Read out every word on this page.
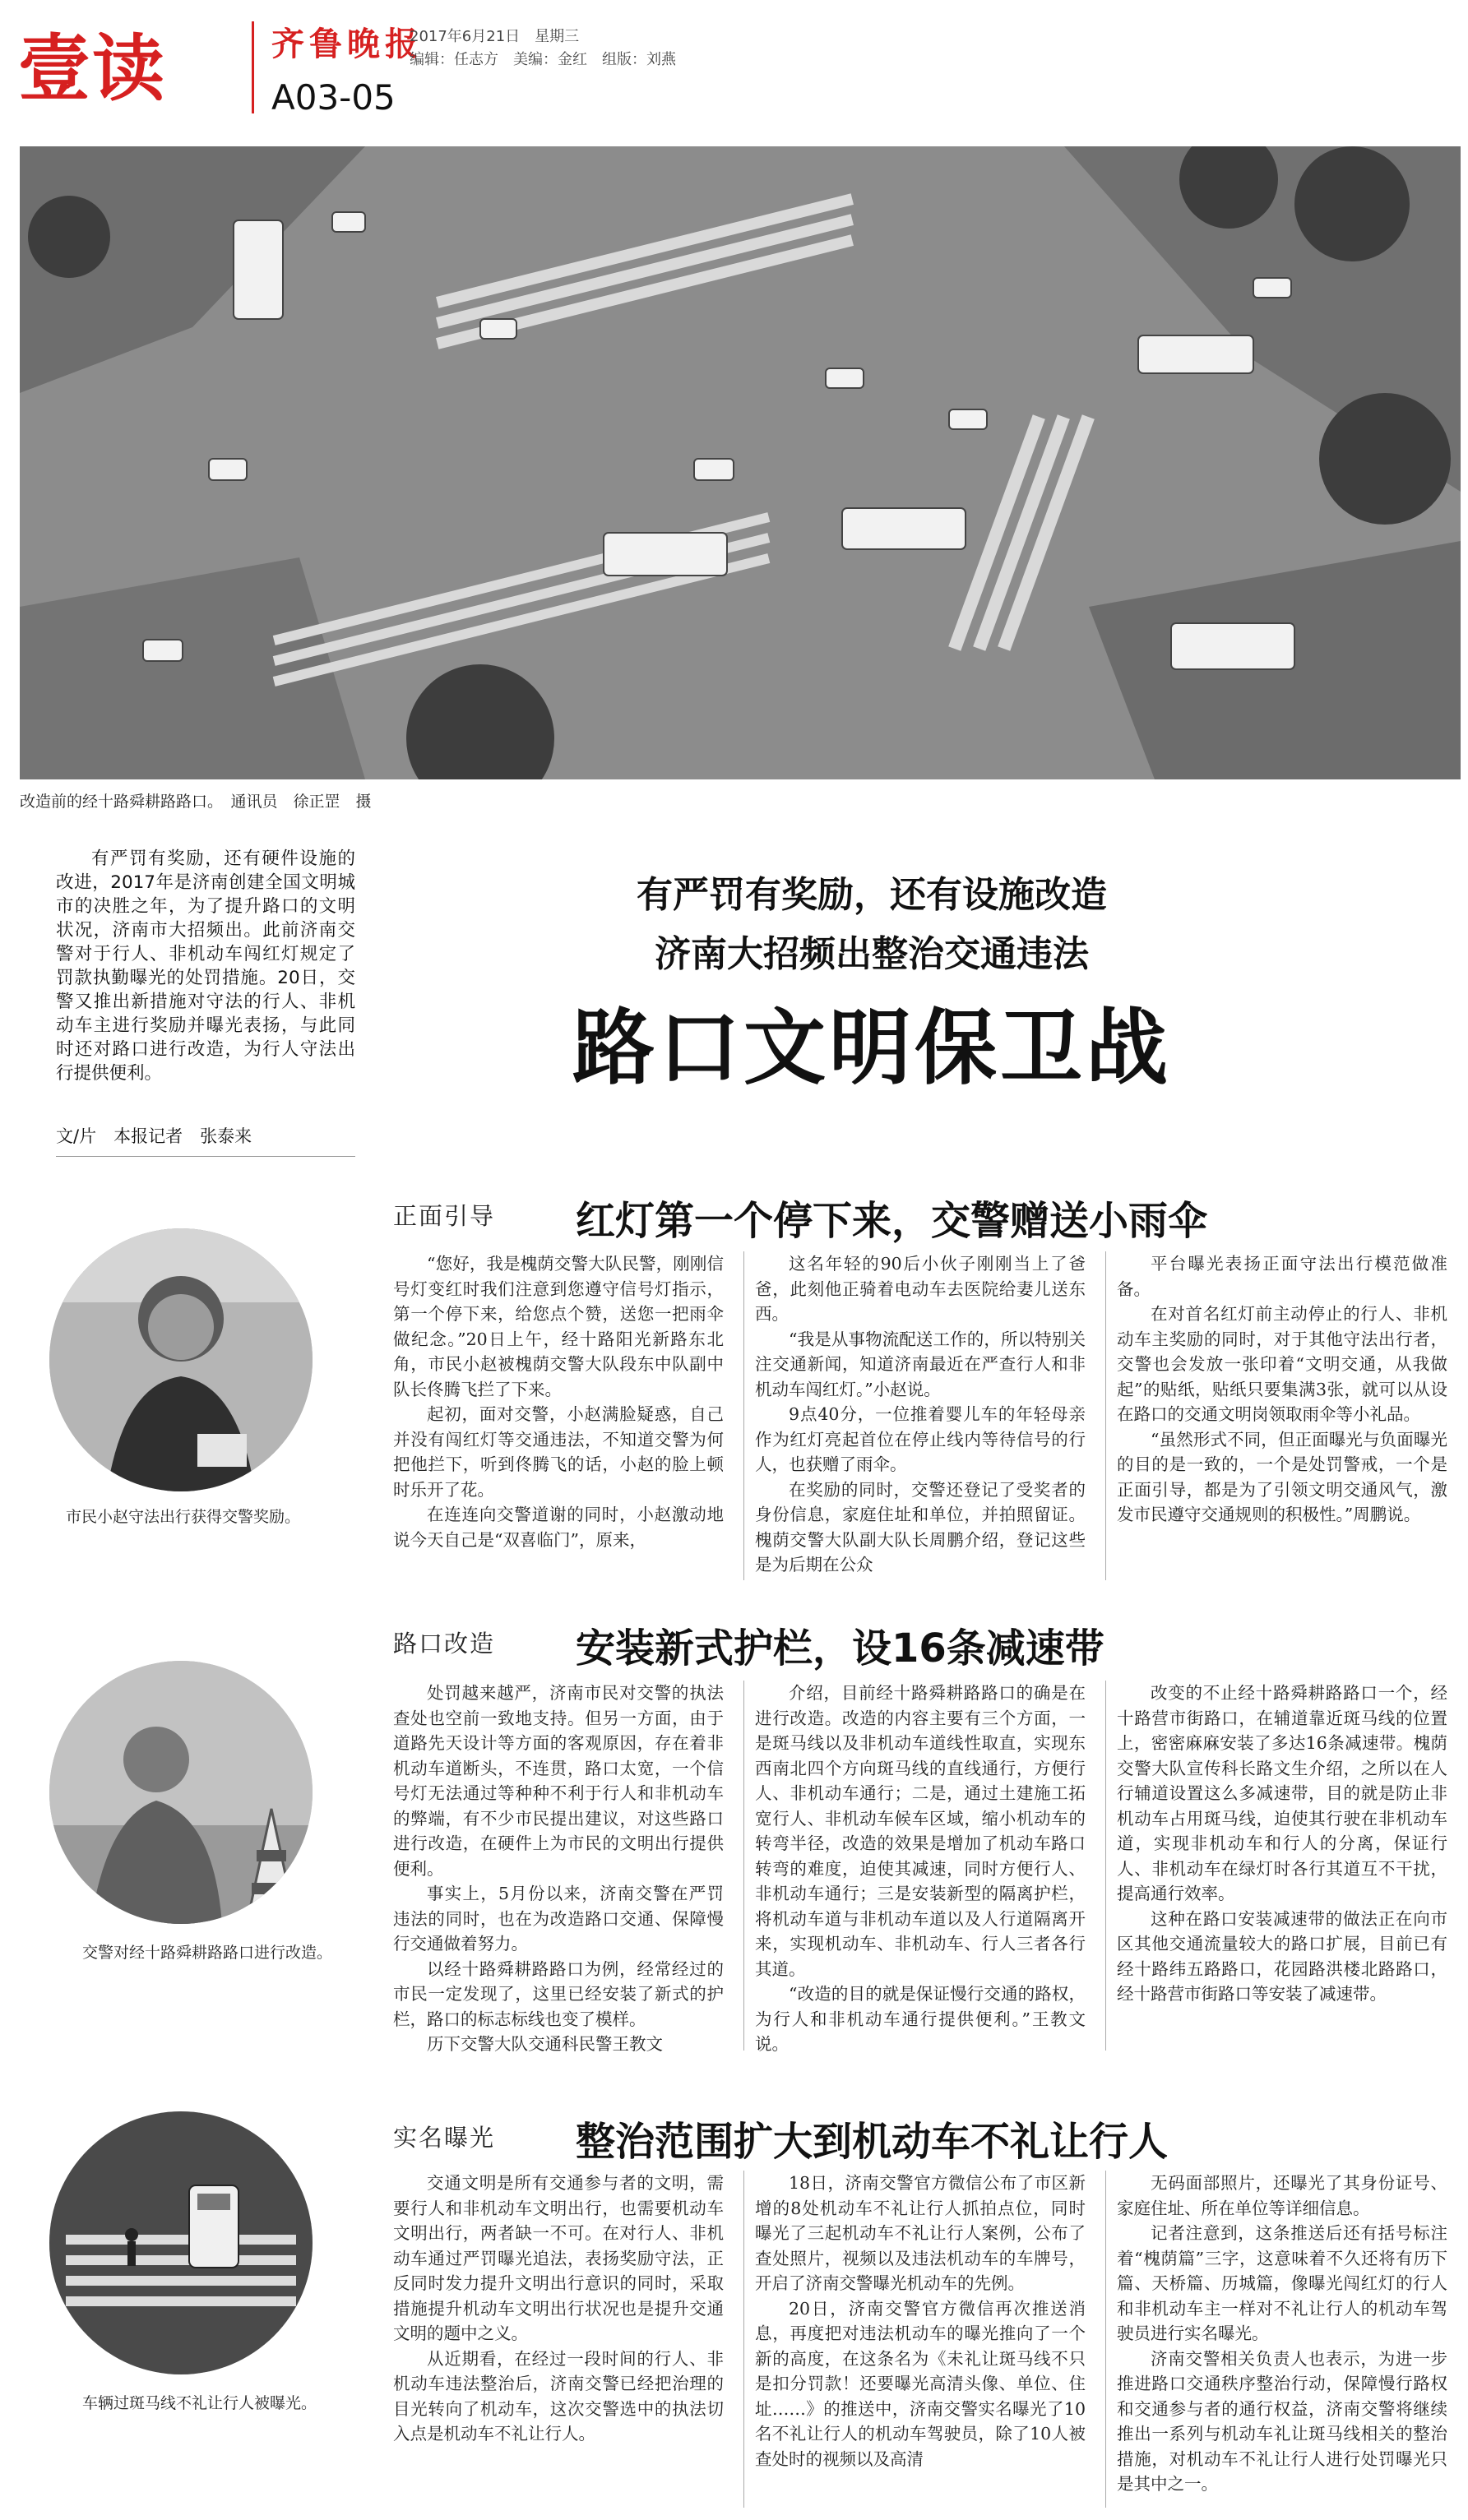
壹读	齐鲁晚报
A03-05
2017年6月21日　星期三
编辑：任志方　美编：金红　组版：刘燕
改造前的经十路舜耕路路口。　通讯员　徐正罡　摄
有严罚有奖励，还有硬件设施的改进，2017年是济南创建全国文明城市的决胜之年，为了提升路口的文明状况，济南市大招频出。此前济南交警对于行人、非机动车闯红灯规定了罚款执勤曝光的处罚措施。20日，交警又推出新措施对守法的行人、非机动车主进行奖励并曝光表扬，与此同时还对路口进行改造，为行人守法出行提供便利。
文/片　本报记者　张泰来
有严罚有奖励，还有设施改造
济南大招频出整治交通违法
路口文明保卫战
市民小赵守法出行获得交警奖励。
正面引导 红灯第一个停下来，交警赠送小雨伞

“您好，我是槐荫交警大队民警，刚刚信号灯变红时我们注意到您遵守信号灯指示，第一个停下来，给您点个赞，送您一把雨伞做纪念。”20日上午，经十路阳光新路东北角，市民小赵被槐荫交警大队段东中队副中队长佟腾飞拦了下来。

起初，面对交警，小赵满脸疑惑，自己并没有闯红灯等交通违法，不知道交警为何把他拦下，听到佟腾飞的话，小赵的脸上顿时乐开了花。

在连连向交警道谢的同时，小赵激动地说今天自己是“双喜临门”，原来，

这名年轻的90后小伙子刚刚当上了爸爸，此刻他正骑着电动车去医院给妻儿送东西。

“我是从事物流配送工作的，所以特别关注交通新闻，知道济南最近在严查行人和非机动车闯红灯。”小赵说。

9点40分，一位推着婴儿车的年轻母亲作为红灯亮起首位在停止线内等待信号的行人，也获赠了雨伞。

在奖励的同时，交警还登记了受奖者的身份信息，家庭住址和单位，并拍照留证。槐荫交警大队副大队长周鹏介绍，登记这些是为后期在公众

平台曝光表扬正面守法出行模范做准备。

在对首名红灯前主动停止的行人、非机动车主奖励的同时，对于其他守法出行者，交警也会发放一张印着“文明交通，从我做起”的贴纸，贴纸只要集满3张，就可以从设在路口的交通文明岗领取雨伞等小礼品。

“虽然形式不同，但正面曝光与负面曝光的目的是一致的，一个是处罚警戒，一个是正面引导，都是为了引领文明交通风气，激发市民遵守交通规则的积极性。”周鹏说。

交警对经十路舜耕路路口进行改造。
路口改造 安装新式护栏，设16条减速带

处罚越来越严，济南市民对交警的执法查处也空前一致地支持。但另一方面，由于道路先天设计等方面的客观原因，存在着非机动车道断头，不连贯，路口太宽，一个信号灯无法通过等种种不利于行人和非机动车的弊端，有不少市民提出建议，对这些路口进行改造，在硬件上为市民的文明出行提供便利。

事实上，5月份以来，济南交警在严罚违法的同时，也在为改造路口交通、保障慢行交通做着努力。

以经十路舜耕路路口为例，经常经过的市民一定发现了，这里已经安装了新式的护栏，路口的标志标线也变了模样。

历下交警大队交通科民警王教文

介绍，目前经十路舜耕路路口的确是在进行改造。改造的内容主要有三个方面，一是斑马线以及非机动车道线性取直，实现东西南北四个方向斑马线的直线通行，方便行人、非机动车通行；二是，通过土建施工拓宽行人、非机动车候车区域，缩小机动车的转弯半径，改造的效果是增加了机动车路口转弯的难度，迫使其减速，同时方便行人、非机动车通行；三是安装新型的隔离护栏，将机动车道与非机动车道以及人行道隔离开来，实现机动车、非机动车、行人三者各行其道。

“改造的目的就是保证慢行交通的路权，为行人和非机动车通行提供便利。”王教文说。

改变的不止经十路舜耕路路口一个，经十路营市街路口，在辅道靠近斑马线的位置上，密密麻麻安装了多达16条减速带。槐荫交警大队宣传科长路文生介绍，之所以在人行辅道设置这么多减速带，目的就是防止非机动车占用斑马线，迫使其行驶在非机动车道，实现非机动车和行人的分离，保证行人、非机动车在绿灯时各行其道互不干扰，提高通行效率。

这种在路口安装减速带的做法正在向市区其他交通流量较大的路口扩展，目前已有经十路纬五路路口，花园路洪楼北路路口，经十路营市街路口等安装了减速带。

车辆过斑马线不礼让行人被曝光。
实名曝光 整治范围扩大到机动车不礼让行人

交通文明是所有交通参与者的文明，需要行人和非机动车文明出行，也需要机动车文明出行，两者缺一不可。在对行人、非机动车通过严罚曝光追法，表扬奖励守法，正反同时发力提升文明出行意识的同时，采取措施提升机动车文明出行状况也是提升交通文明的题中之义。

从近期看，在经过一段时间的行人、非机动车违法整治后，济南交警已经把治理的目光转向了机动车，这次交警选中的执法切入点是机动车不礼让行人。

18日，济南交警官方微信公布了市区新增的8处机动车不礼让行人抓拍点位，同时曝光了三起机动车不礼让行人案例，公布了查处照片，视频以及违法机动车的车牌号，开启了济南交警曝光机动车的先例。

20日，济南交警官方微信再次推送消息，再度把对违法机动车的曝光推向了一个新的高度，在这条名为《未礼让斑马线不只是扣分罚款！还要曝光高清头像、单位、住址……》的推送中，济南交警实名曝光了10名不礼让行人的机动车驾驶员，除了10人被查处时的视频以及高清

无码面部照片，还曝光了其身份证号、家庭住址、所在单位等详细信息。

记者注意到，这条推送后还有括号标注着“槐荫篇”三字，这意味着不久还将有历下篇、天桥篇、历城篇，像曝光闯红灯的行人和非机动车主一样对不礼让行人的机动车驾驶员进行实名曝光。

济南交警相关负责人也表示，为进一步推进路口交通秩序整治行动，保障慢行路权和交通参与者的通行权益，济南交警将继续推出一系列与机动车礼让斑马线相关的整治措施，对机动车不礼让行人进行处罚曝光只是其中之一。
